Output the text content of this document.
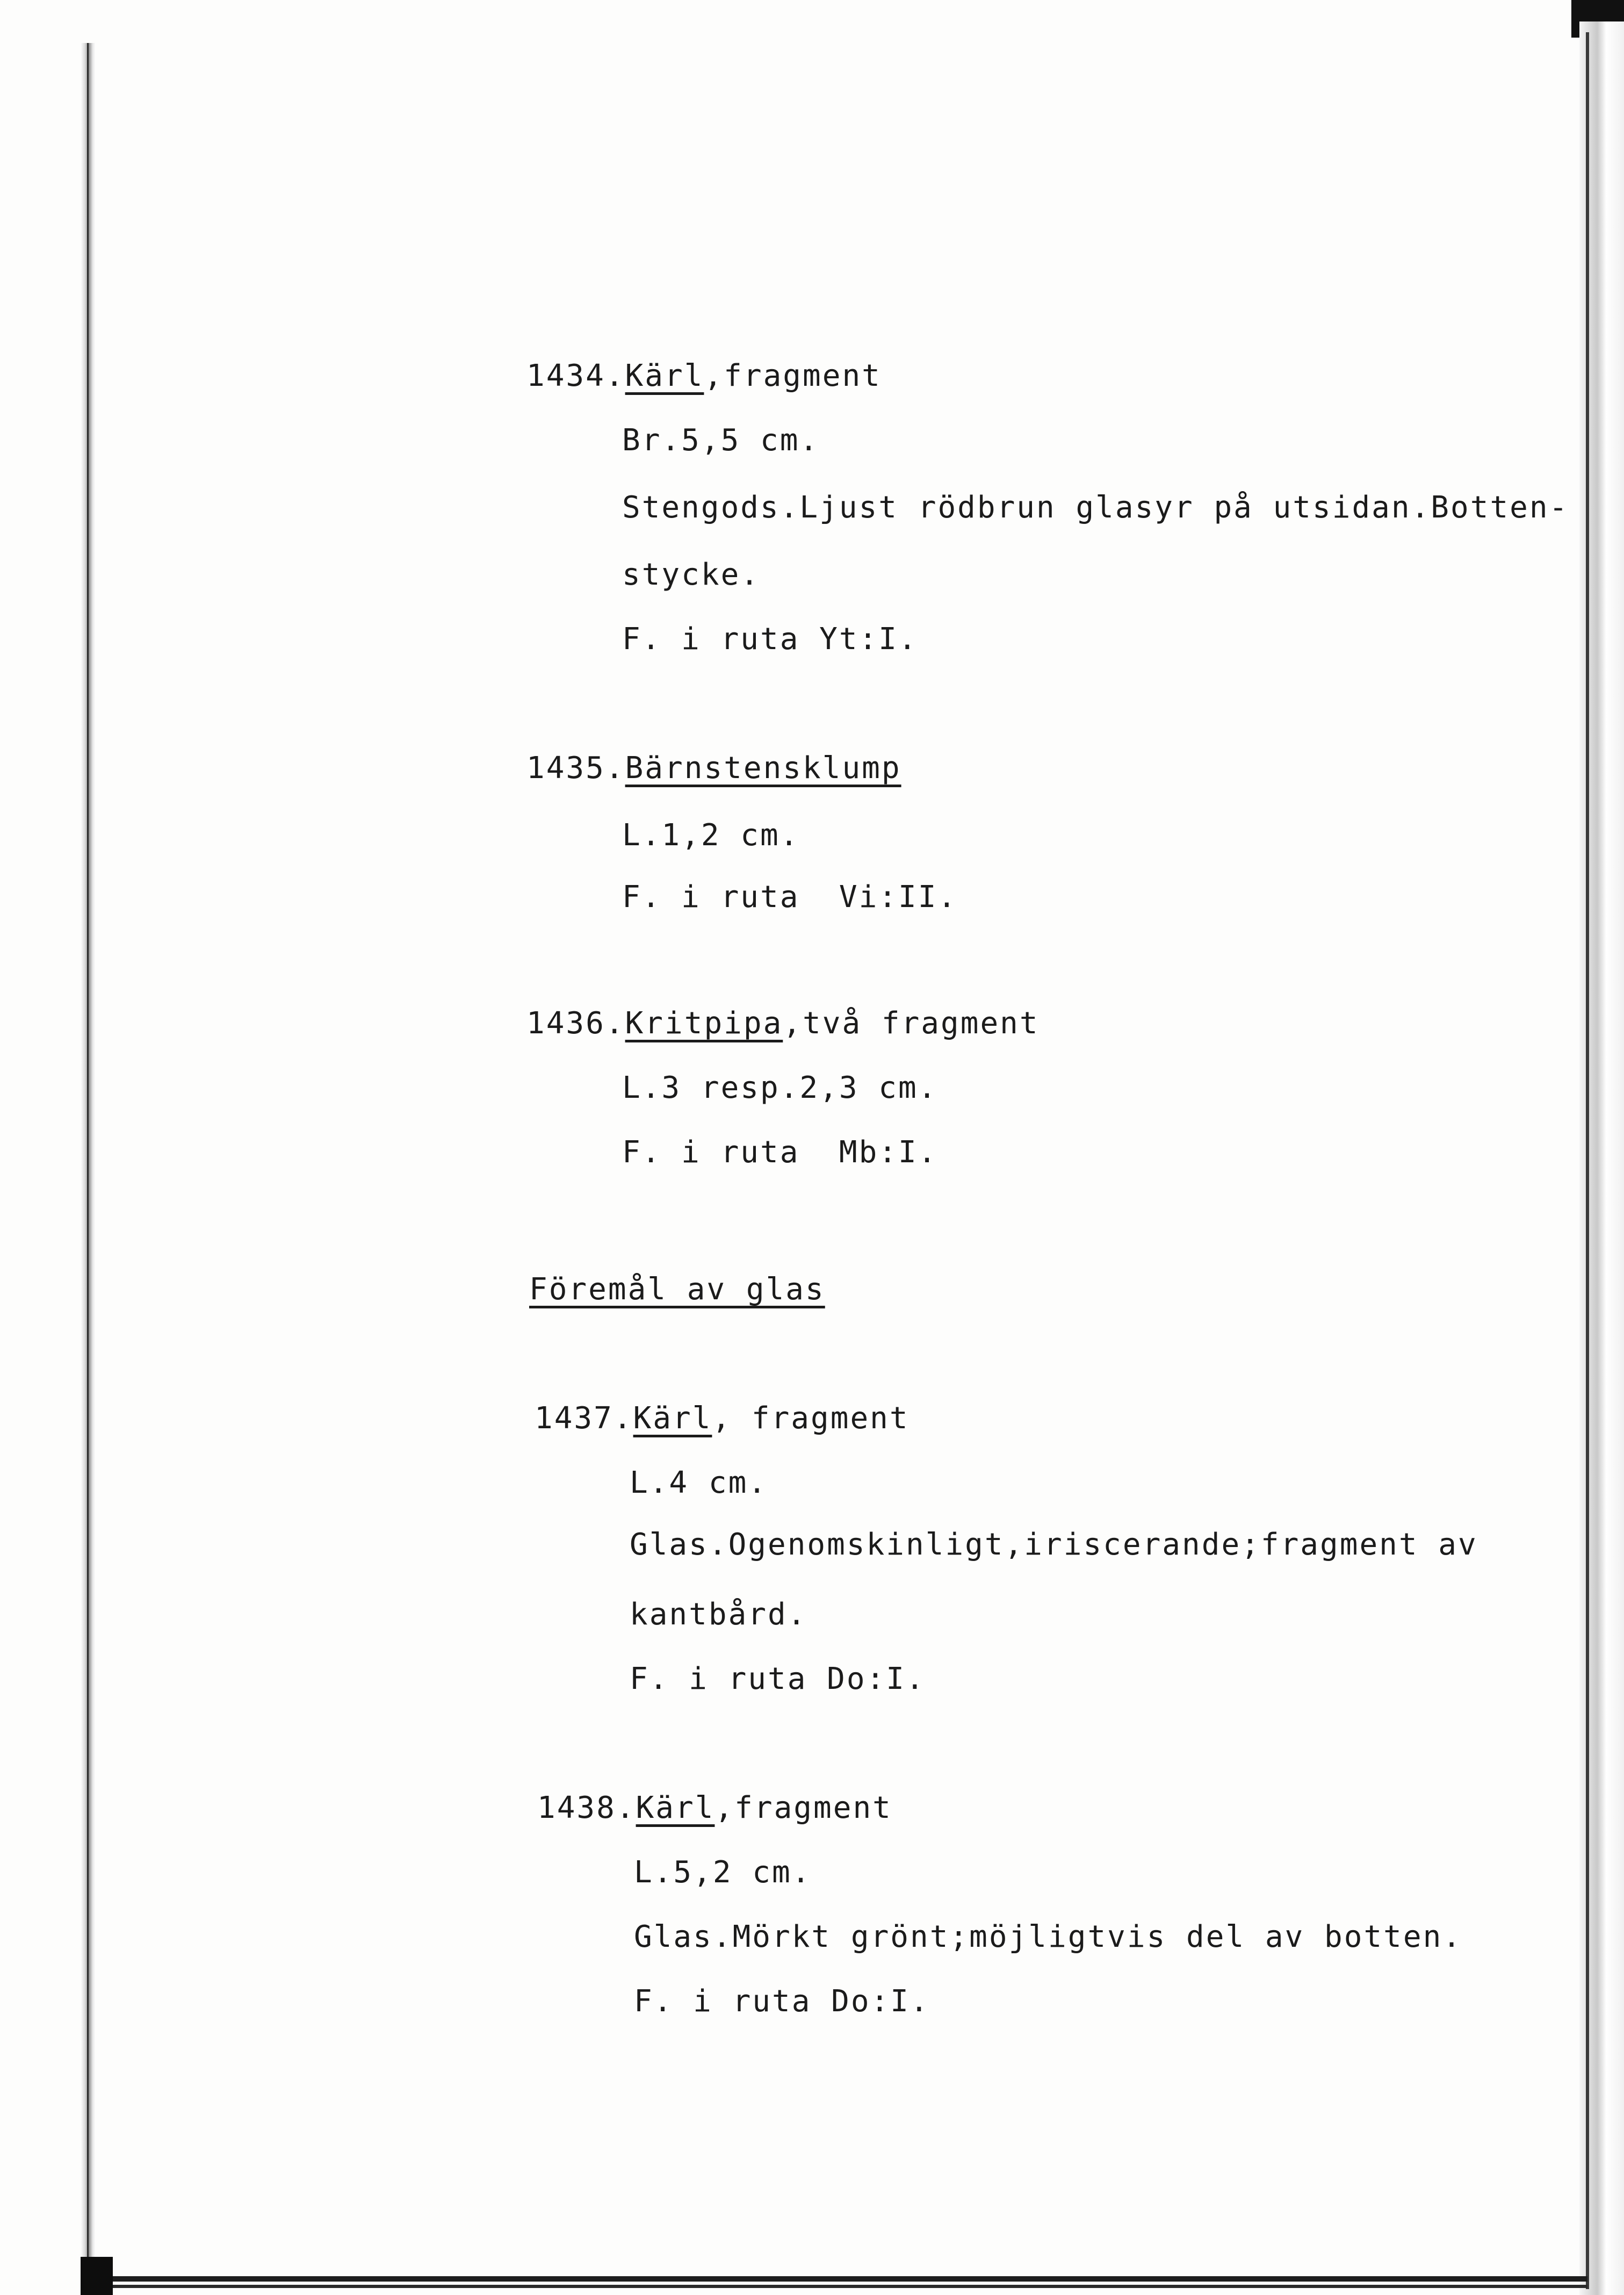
1434.Kärl,fragment
Br.5,5 cm.
Stengods.Ljust rödbrun glasyr på utsidan.Botten-
stycke.
F. i ruta Yt:I.
1435.Bärnstensklump
L.1,2 cm.
F. i ruta  Vi:II.
1436.Kritpipa,två fragment
L.3 resp.2,3 cm.
F. i ruta  Mb:I.
Föremål av glas
1437.Kärl, fragment
L.4 cm.
Glas.Ogenomskinligt,iriscerande;fragment av
kantbård.
F. i ruta Do:I.
1438.Kärl,fragment
L.5,2 cm.
Glas.Mörkt grönt;möjligtvis del av botten.
F. i ruta Do:I.
